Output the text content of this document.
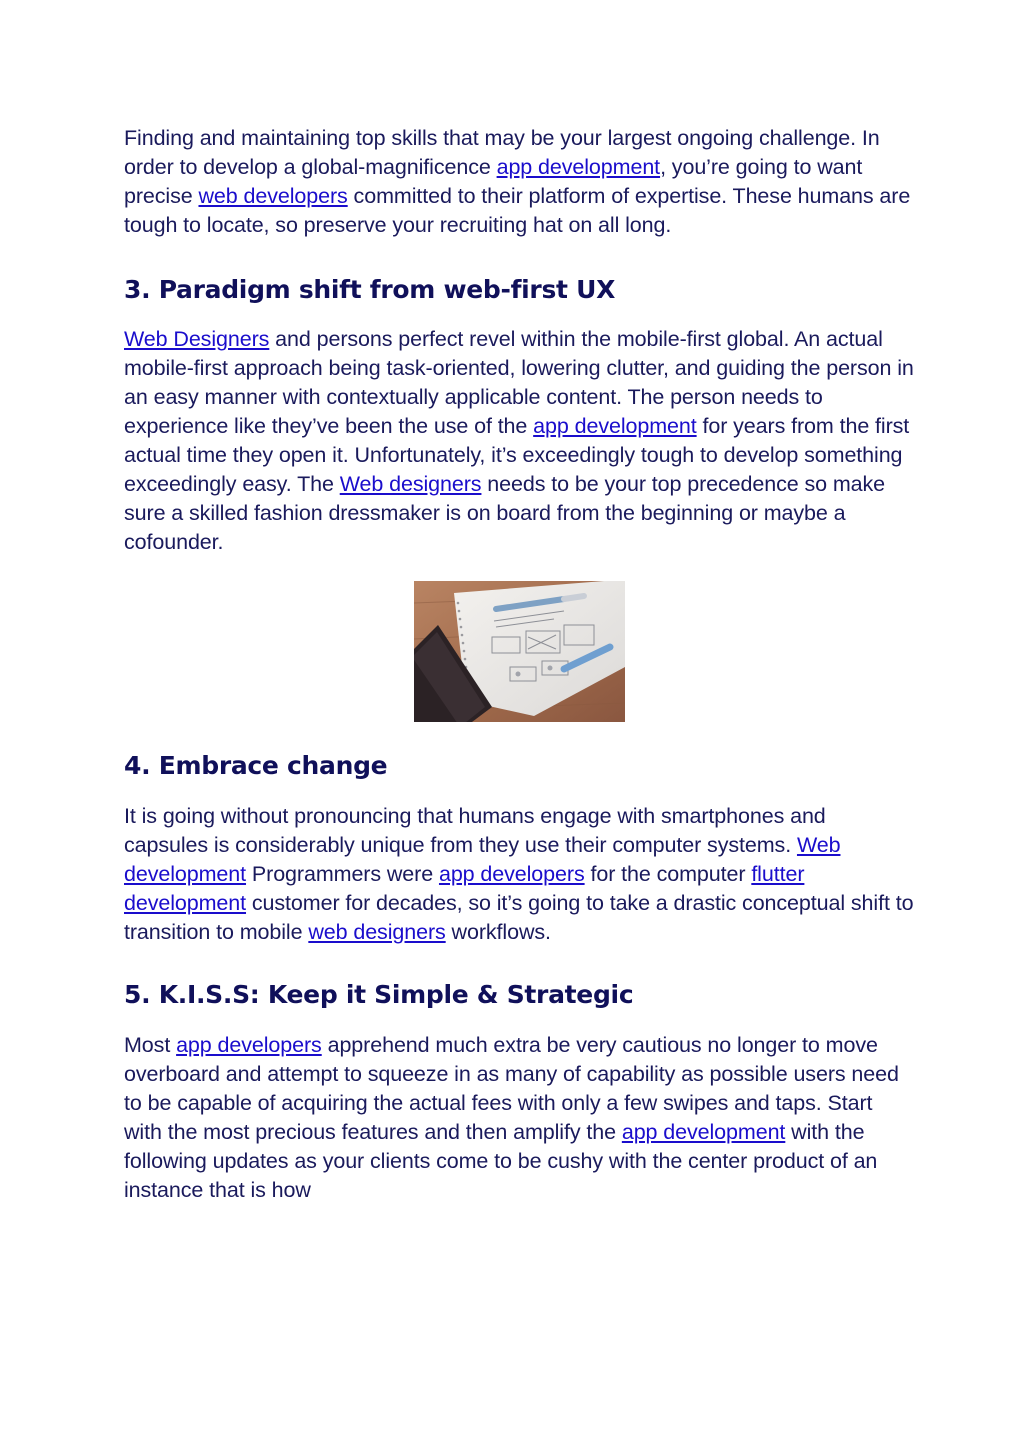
Finding and maintaining top skills that may be your largest ongoing challenge. In order to develop a global-magnificence app development, you’re going to want precise web developers committed to their platform of expertise. These humans are tough to locate, so preserve your recruiting hat on all long.

3. Paradigm shift from web-first UX

Web Designers and persons perfect revel within the mobile-first global. An actual mobile-first approach being task-oriented, lowering clutter, and guiding the person in an easy manner with contextually applicable content. The person needs to experience like they’ve been the use of the app development for years from the first actual time they open it. Unfortunately, it’s exceedingly tough to develop something exceedingly easy. The Web designers needs to be your top precedence so make sure a skilled fashion dressmaker is on board from the beginning or maybe a cofounder.

4. Embrace change

It is going without pronouncing that humans engage with smartphones and capsules is considerably unique from they use their computer systems. Web development Programmers were app developers for the computer flutter development customer for decades, so it’s going to take a drastic conceptual shift to transition to mobile web designers workflows.

5. K.I.S.S: Keep it Simple & Strategic

Most app developers apprehend much extra be very cautious no longer to move overboard and attempt to squeeze in as many of capability as possible users need to be capable of acquiring the actual fees with only a few swipes and taps. Start with the most precious features and then amplify the app development with the following updates as your clients come to be cushy with the center product of an instance that is how
